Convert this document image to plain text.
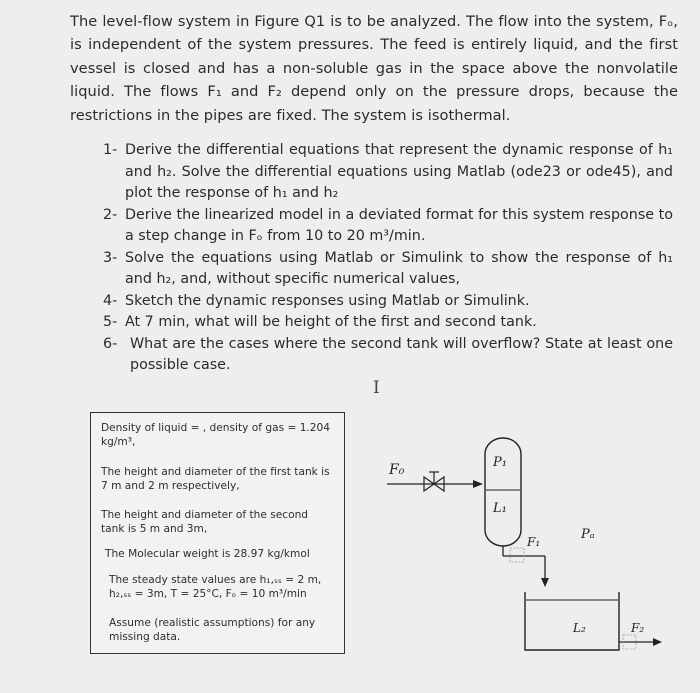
The level-flow system in Figure Q1 is to be analyzed. The flow into the system, Fₒ, is independent of the system pressures. The feed is entirely liquid, and the first vessel is closed and has a non-soluble gas in the space above the nonvolatile liquid. The flows F₁ and F₂ depend only on the pressure drops, because the restrictions in the pipes are fixed. The system is isothermal.
1- Derive the differential equations that represent the dynamic response of h₁ and h₂. Solve the differential equations using Matlab (ode23 or ode45), and plot the response of h₁ and h₂
2- Derive the linearized model in a deviated format for this system response to a step change in Fₒ from 10 to 20 m³/min.
3- Solve the equations using Matlab or Simulink to show the response of h₁ and h₂, and, without specific numerical values,
4- Sketch the dynamic responses using Matlab or Simulink.
5- At 7 min, what will be height of the first and second tank.
6- What are the cases where the second tank will overflow? State at least one possible case.
I

Density of liquid = , density of gas = 1.204 kg/m³,

The height and diameter of the first tank is 7 m and 2 m respectively,

The height and diameter of the second tank is 5 m and 3m,

The Molecular weight is 28.97 kg/kmol

The steady state values are h₁,ₛₛ = 2 m, h₂,ₛₛ = 3m, T = 25°C, Fₒ = 10 m³/min

Assume (realistic assumptions) for any missing data.

F₀	P₁
L₁
F₁	Pₐ
L₂	F₂
